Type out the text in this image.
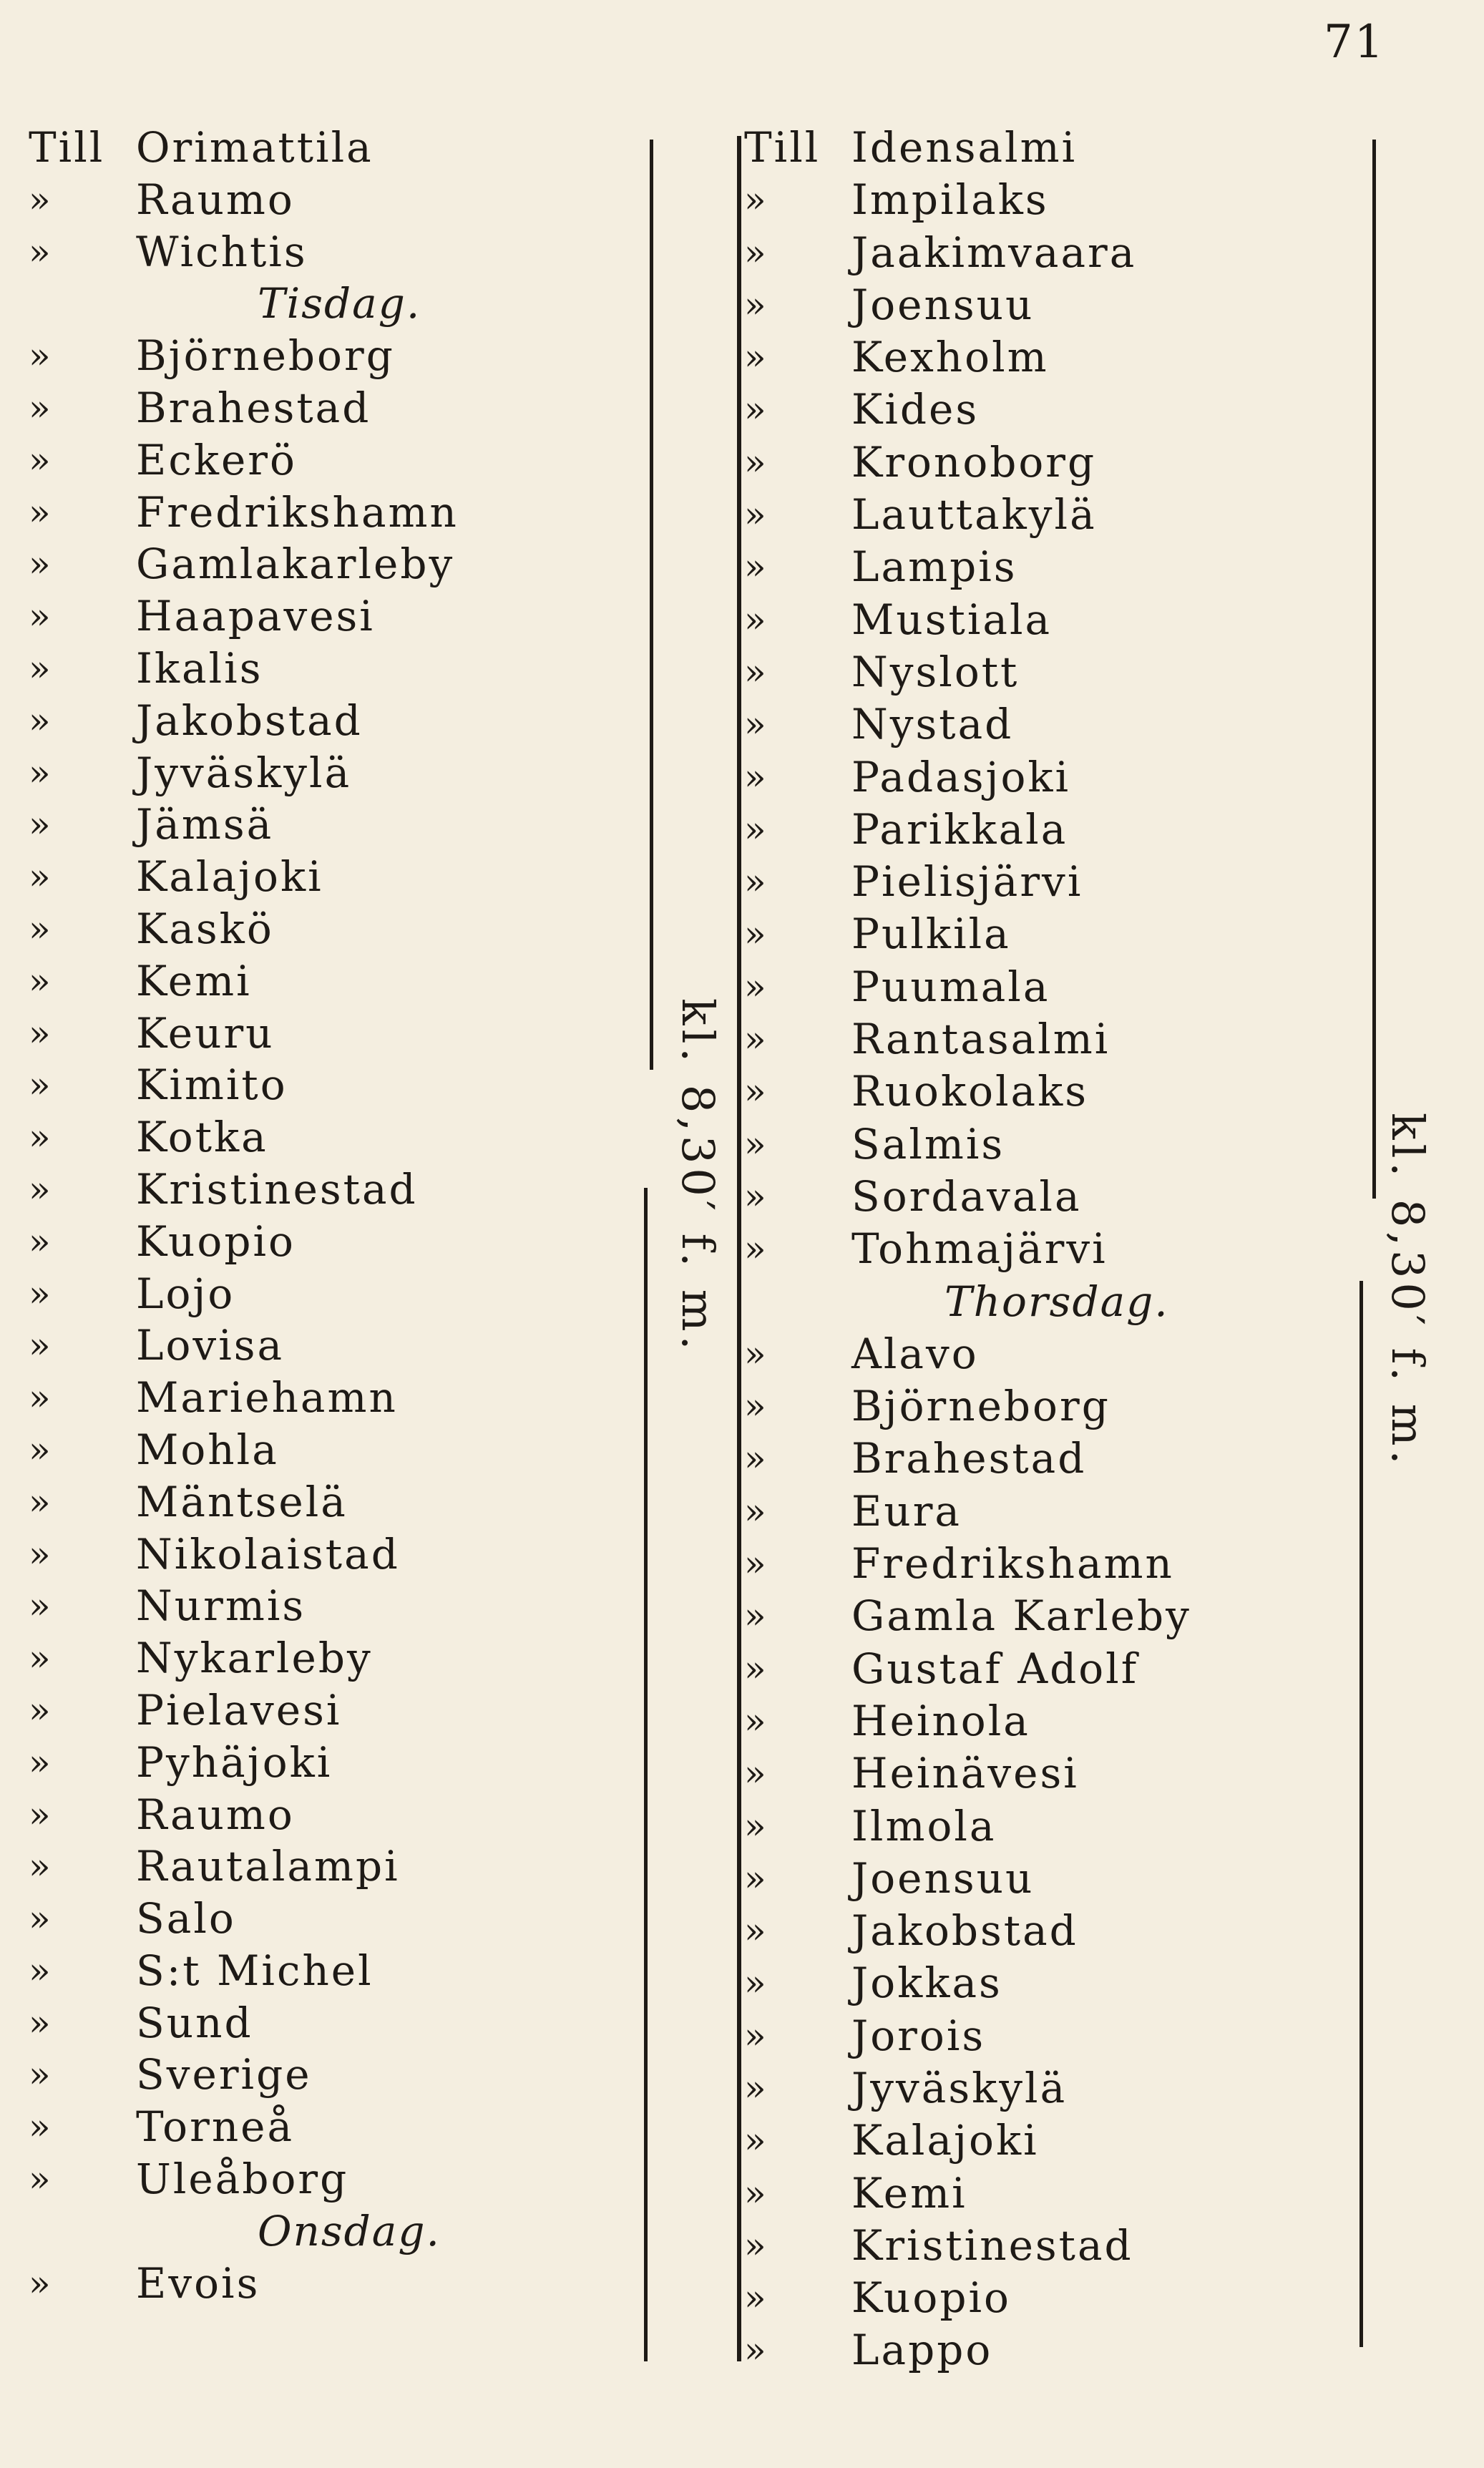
71
Till Orimattila
»	Raumo
»	Wichtis
Tisdag.
»	Björneborg
»	Brahestad
»	Eckerö
»	Fredrikshamn
»	Gamlakarleby
»	Haapavesi
»	Ikalis
»	Jakobstad
»	Jyväskylä
»	Jämsä
»	Kalajoki
»	Kaskö
»	Kemi
»	Keuru
»	Kimito
»	Kotka
»	Kristinestad
»	Kuopio
»	Lojo
»	Lovisa
»	Mariehamn
»	Mohla
»	Mäntselä
»	Nikolaistad
»	Nurmis
»	Nykarleby
»	Pielavesi
»	Pyhäjoki
»	Raumo
»	Rautalampi
»	Salo
»	S:t Michel
»	Sund
»	Sverige
»	Torneå
»	Uleåborg
Onsdag.
»	Evois
Till Idensalmi
»	Impilaks
»	Jaakimvaara
»	Joensuu
»	Kexholm
»	Kides
»	Kronoborg
»	Lauttakylä
»	Lampis
»	Mustiala
»	Nyslott
»	Nystad
»	Padasjoki
»	Parikkala
»	Pielisjärvi
»	Pulkila
»	Puumala
»	Rantasalmi
»	Ruokolaks
»	Salmis
»	Sordavala
»	Tohmajärvi
Thorsdag.
»	Alavo
»	Björneborg
»	Brahestad
»	Eura
»	Fredrikshamn
»	Gamla Karleby
»	Gustaf Adolf
»	Heinola
»	Heinävesi
»	Ilmola
»	Joensuu
»	Jakobstad
»	Jokkas
»	Jorois
»	Jyväskylä
»	Kalajoki
»	Kemi
»	Kristinestad
»	Kuopio
»	Lappo
kl. 8,30′ f. m.	kl. 8,30′ f. m.
